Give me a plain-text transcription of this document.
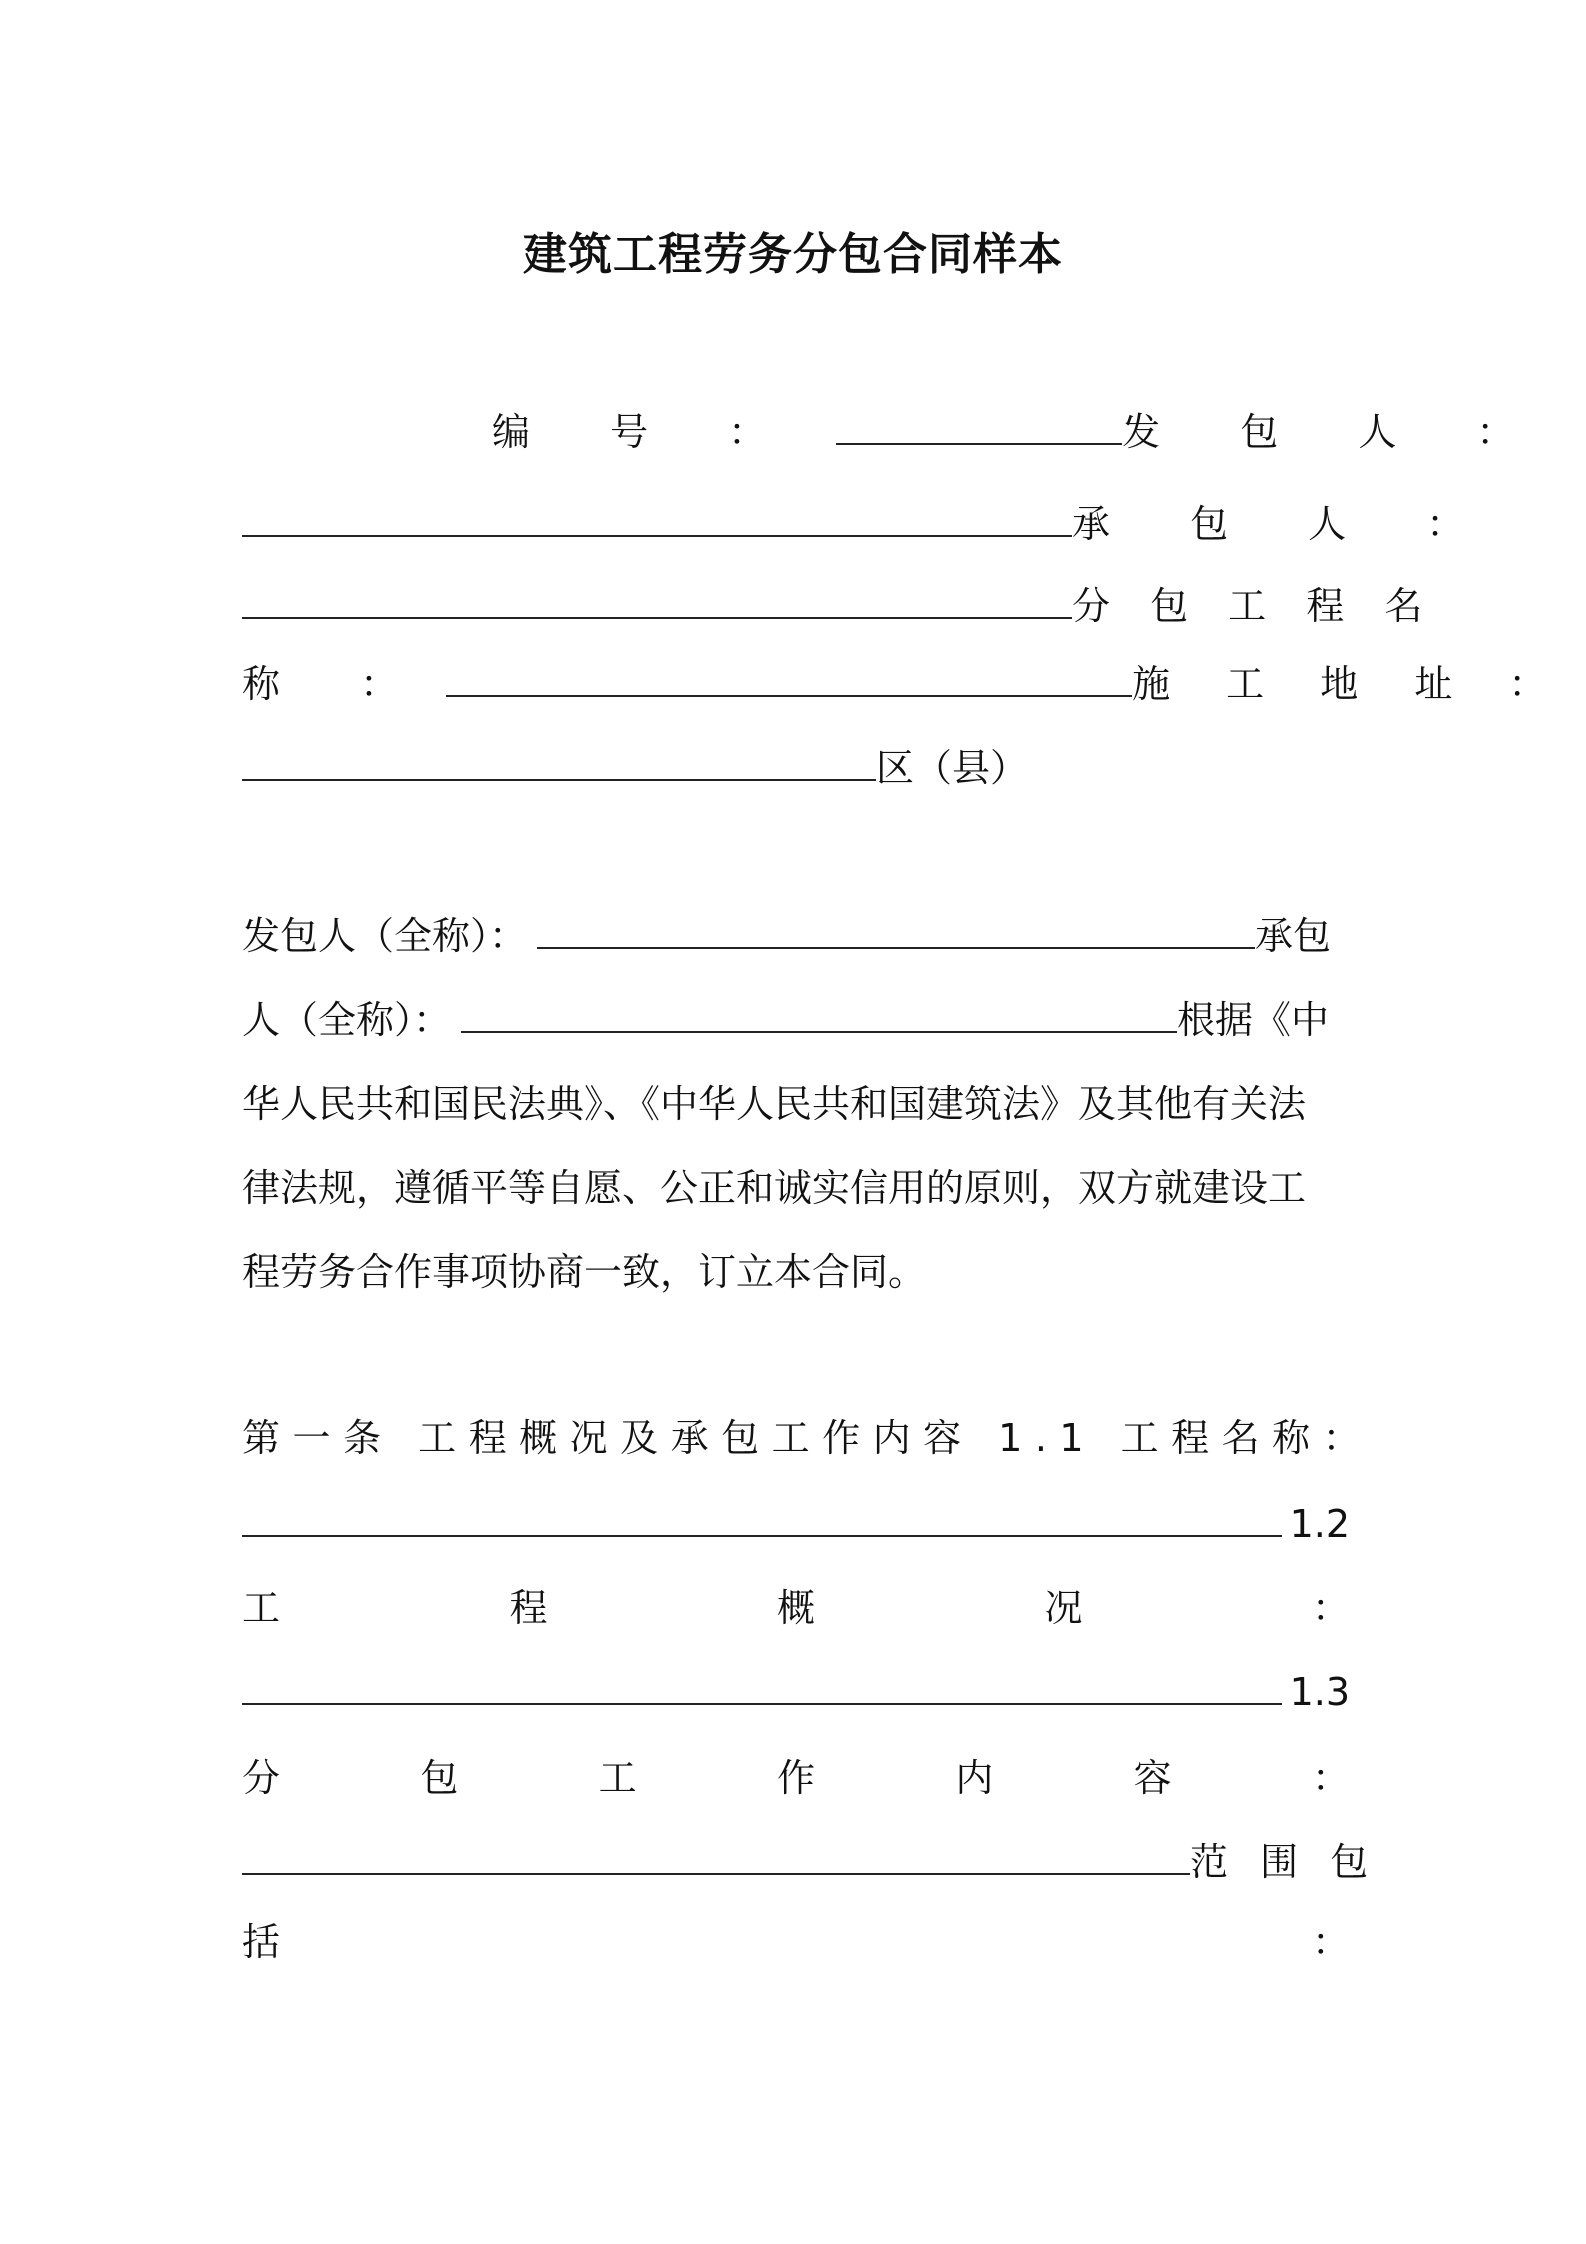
建筑工程劳务分包合同样本
编 号 ：	发 包 人 ：
承 包 人 ：
分 包 工 程 名
称 ：	施 工 地 址 ：
区（县）
发包人（全称）：	承包
人（全称）：	根据《中
华人民共和国民法典》、《中华人民共和国建筑法》及其他有关法
律法规，遵循平等自愿、公正和诚实信用的原则，双方就建设工
程劳务合作事项协商一致，订立本合同。
第一条 工程概况及承包工作内容 1.1 工程名称：
1.2
工	程	概	况	：
1.3
分	包	工	作	内	容	：
范 围 包
括	：
